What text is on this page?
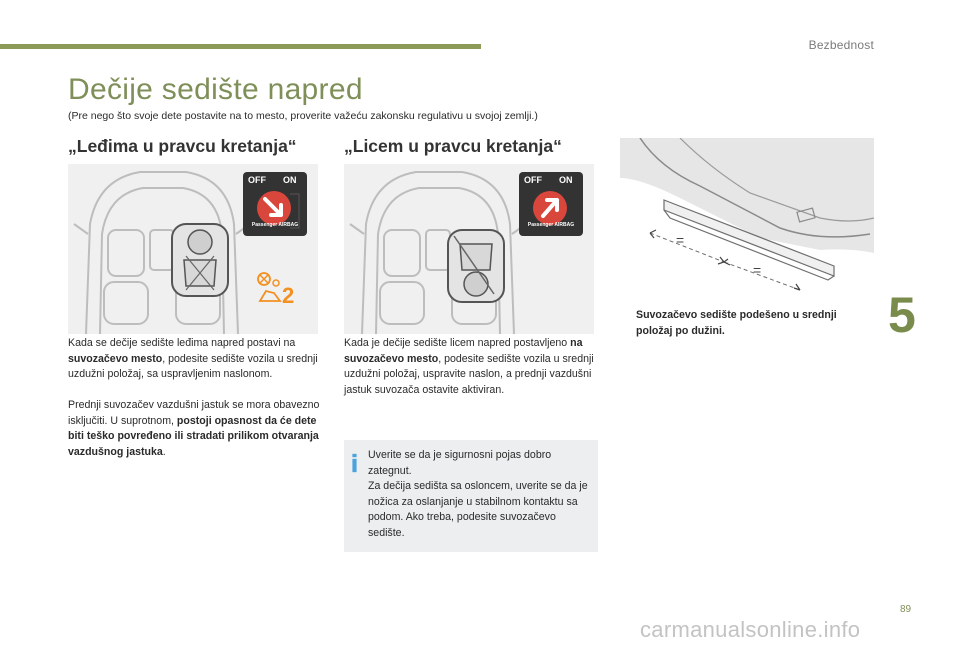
Bezbednost
Dečije sedište napred
(Pre nego što svoje dete postavite na to mesto, proverite važeću zakonsku regulativu u svojoj zemlji.)
„Leđima u pravcu kretanja“
OFF ON
Passenger AIRBAG
2
Kada se dečije sedište leđima napred postavi na suvozačevo mesto, podesite sedište vozila u srednji uzdužni položaj, sa uspravljenim naslonom.
Prednji suvozačev vazdušni jastuk se mora obavezno isključiti. U suprotnom, postoji opasnost da će dete biti teško povređeno ili stradati prilikom otvaranja vazdušnog jastuka.
„Licem u pravcu kretanja“
OFF ON
Passenger AIRBAG
Kada je dečije sedište licem napred postavljeno na suvozačevo mesto, podesite sedište vozila u srednji uzdužni položaj, uspravite naslon, a prednji vazdušni jastuk suvozača ostavite aktiviran.
Uverite se da je sigurnosni pojas dobro zategnut.
Za dečija sedišta sa osloncem, uverite se da je nožica za oslanjanje u stabilnom kontaktu sa podom. Ako treba, podesite suvozačevo sedište.
=
=
Suvozačevo sedište podešeno u srednji položaj po dužini.	5
89
carmanualsonline.info
